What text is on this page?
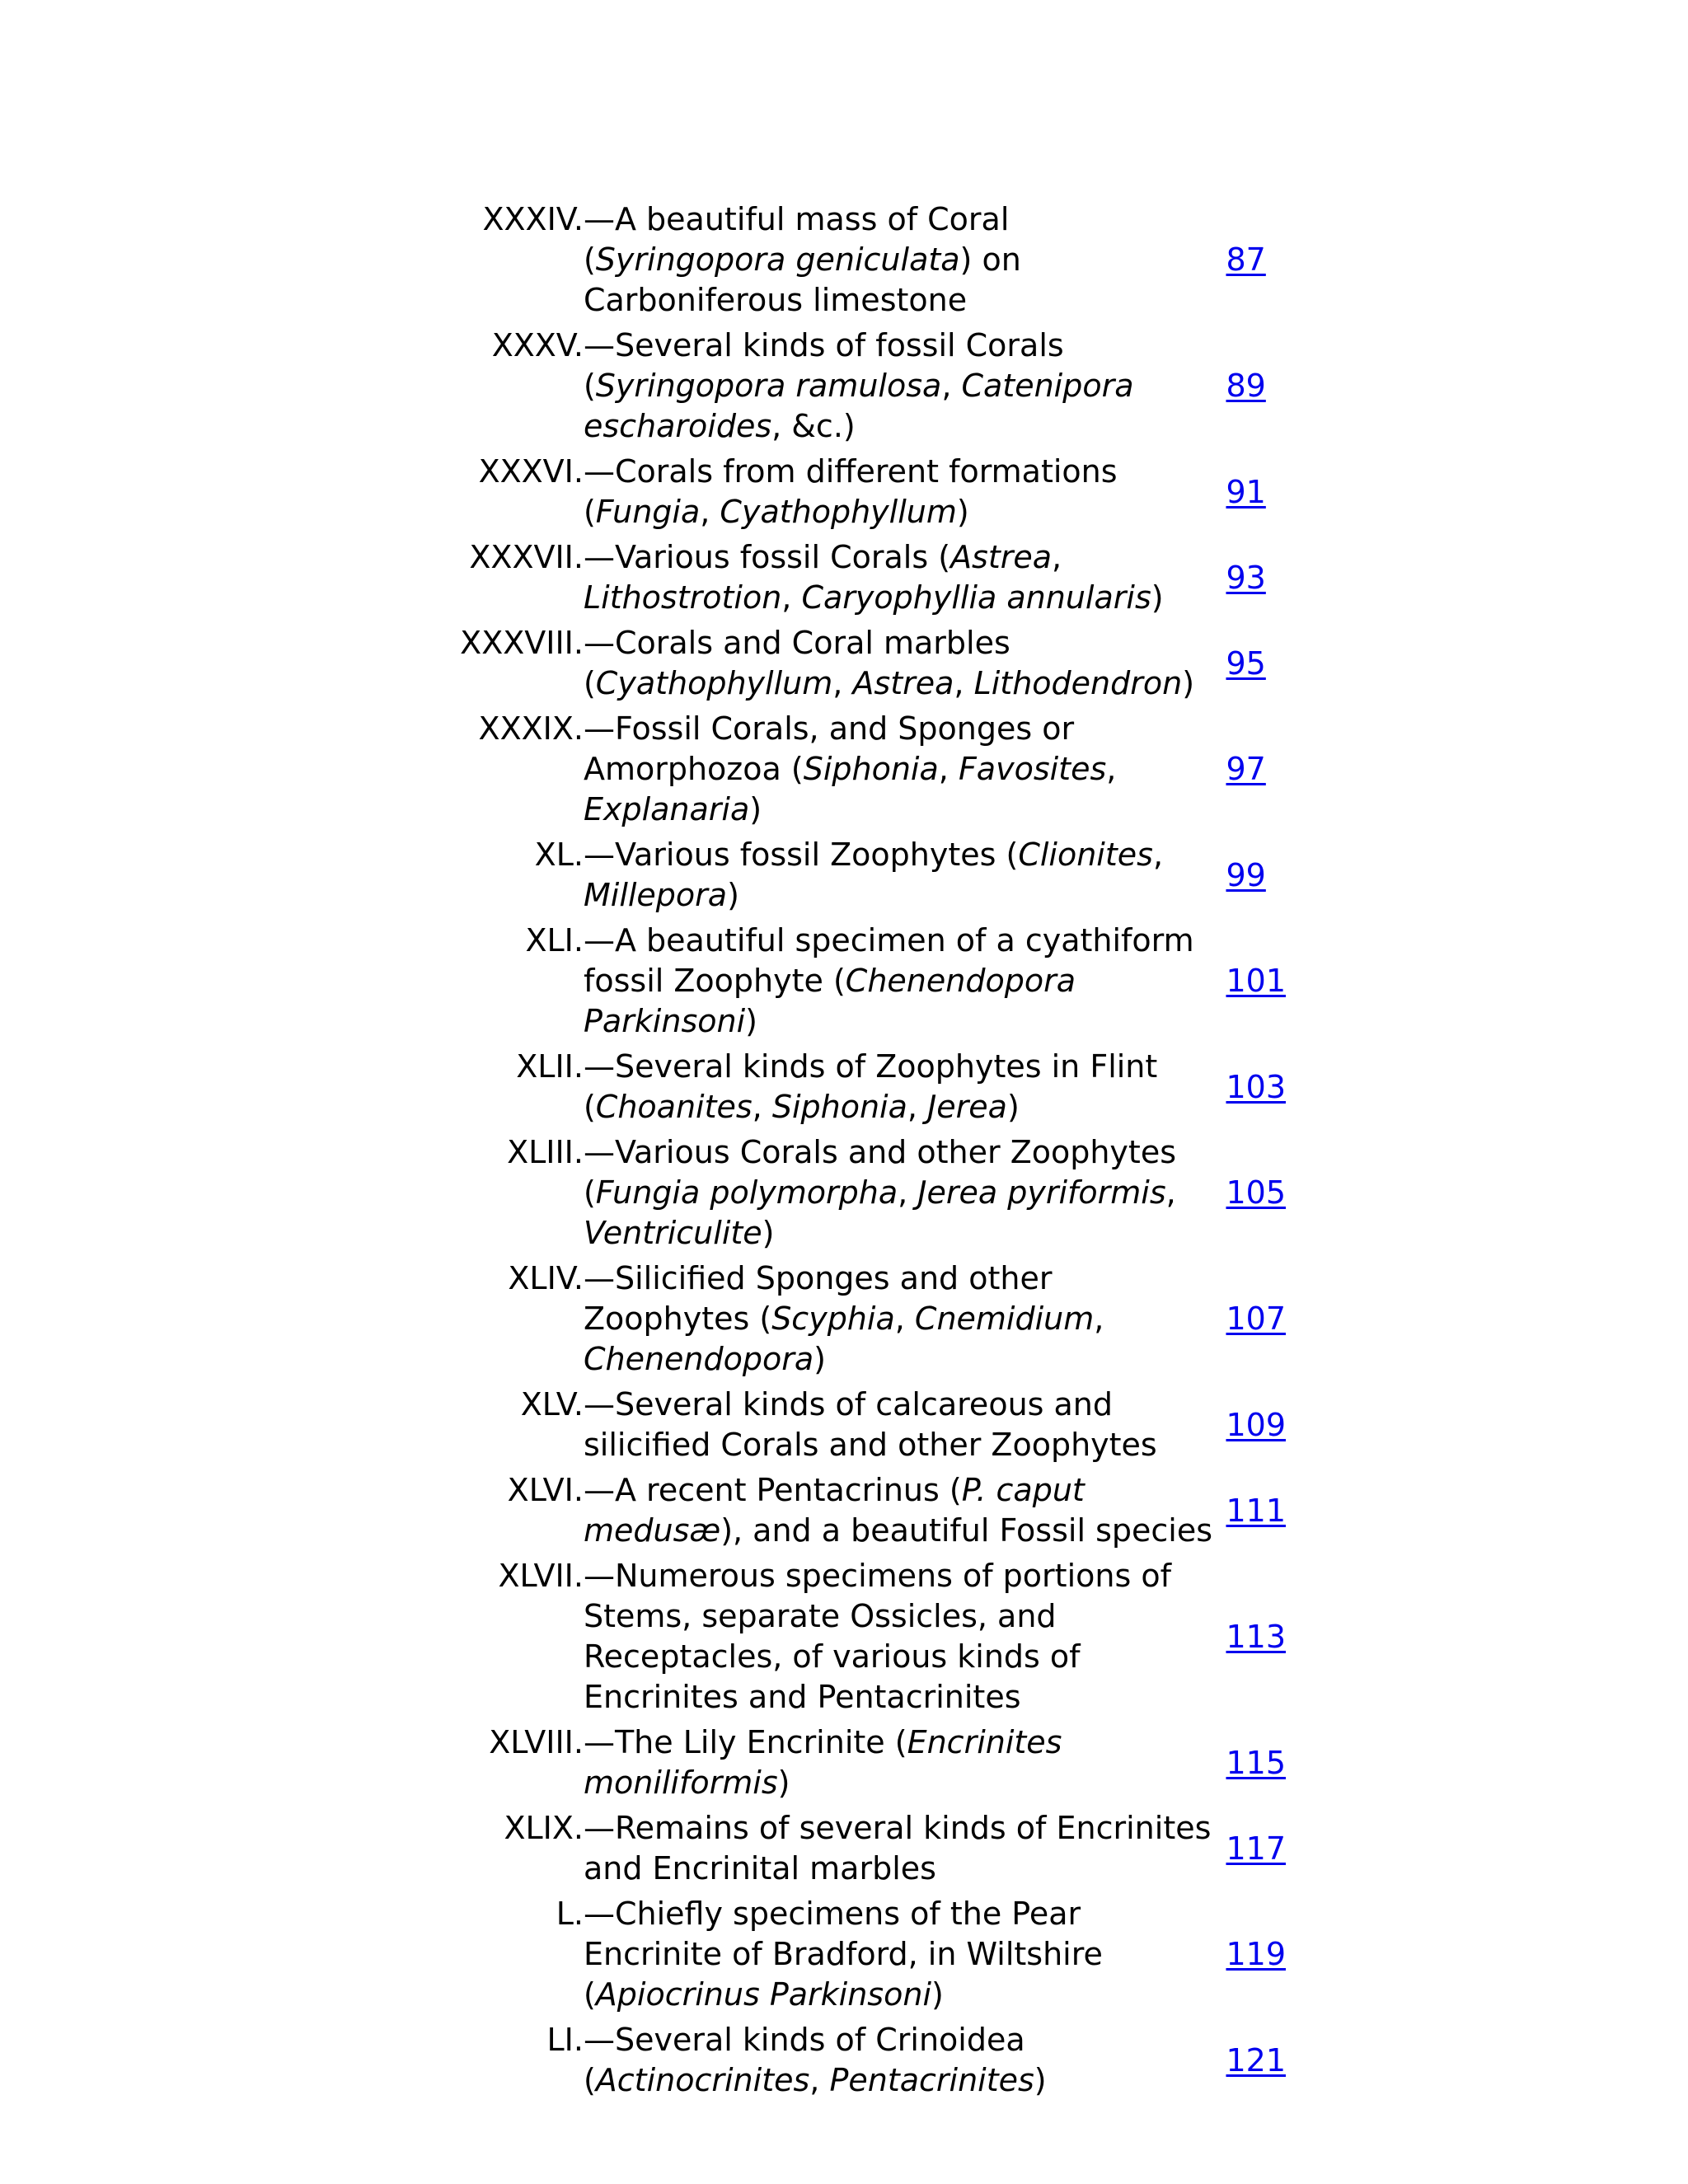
XXXIV.	—A beautiful mass of Coral (Syringopora geniculata) on Carboniferous limestone	87
XXXV.	—Several kinds of fossil Corals (Syringopora ramulosa, Catenipora escharoides, &c.)	89
XXXVI.	—Corals from different formations (Fungia, Cyathophyllum)	91
XXXVII.	—Various fossil Corals (Astrea, Lithostrotion, Caryophyllia annularis)	93
XXXVIII.	—Corals and Coral marbles (Cyathophyllum, Astrea, Lithodendron)	95
XXXIX.	—Fossil Corals, and Sponges or Amorphozoa (Siphonia, Favosites, Explanaria)	97
XL.	—Various fossil Zoophytes (Clionites, Millepora)	99
XLI.	—A beautiful specimen of a cyathiform fossil Zoophyte (Chenendopora Parkinsoni)	101
XLII.	—Several kinds of Zoophytes in Flint (Choanites, Siphonia, Jerea)	103
XLIII.	—Various Corals and other Zoophytes (Fungia polymorpha, Jerea pyriformis, Ventriculite)	105
XLIV.	—Silicified Sponges and other Zoophytes (Scyphia, Cnemidium, Chenendopora)	107
XLV.	—Several kinds of calcareous and silicified Corals and other Zoophytes	109
XLVI.	—A recent Pentacrinus (P. caput medusæ), and a beautiful Fossil species	111
XLVII.	—Numerous specimens of portions of Stems, separate Ossicles, and Receptacles, of various kinds of Encrinites and Pentacrinites	113
XLVIII.	—The Lily Encrinite (Encrinites moniliformis)	115
XLIX.	—Remains of several kinds of Encrinites and Encrinital marbles	117
L.	—Chiefly specimens of the Pear Encrinite of Bradford, in Wiltshire (Apiocrinus Parkinsoni)	119
LI.	—Several kinds of Crinoidea (Actinocrinites, Pentacrinites)	121
